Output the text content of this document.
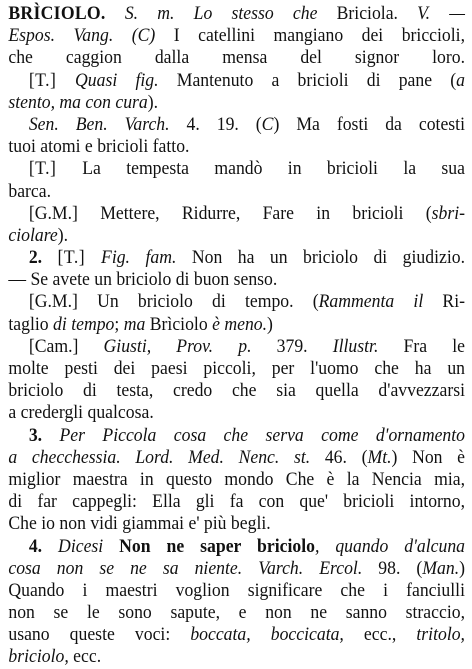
BRÌCIOLO. S. m. Lo stesso che Briciola. V. —
Espos. Vang. (C) I catellini mangiano dei briccioli,
che caggion dalla mensa del signor loro.
[T.] Quasi fig. Mantenuto a bricioli di pane (a
stento, ma con cura).
Sen. Ben. Varch. 4. 19. (C) Ma fosti da cotesti
tuoi atomi e bricioli fatto.
[T.] La tempesta mandò in bricioli la sua
barca.
[G.M.] Mettere, Ridurre, Fare in bricioli (sbri-
ciolare).
2. [T.] Fig. fam. Non ha un briciolo di giudizio.
— Se avete un briciolo di buon senso.
[G.M.] Un briciolo di tempo. (Rammenta il Ri-
taglio di tempo; ma Brìciolo è meno.)
[Cam.] Giusti, Prov. p. 379. Illustr. Fra le
molte pesti dei paesi piccoli, per l'uomo che ha un
briciolo di testa, credo che sia quella d'avvezzarsi
a credergli qualcosa.
3. Per Piccola cosa che serva come d'ornamento
a checchessia. Lord. Med. Nenc. st. 46. (Mt.) Non è
miglior maestra in questo mondo Che è la Nencia mia,
di far cappegli: Ella gli fa con que' bricioli intorno,
Che io non vidi giammai e' più begli.
4. Dicesi Non ne saper briciolo, quando d'alcuna
cosa non se ne sa niente. Varch. Ercol. 98. (Man.)
Quando i maestri voglion significare che i fanciulli
non se le sono sapute, e non ne sanno straccio,
usano queste voci: boccata, boccicata, ecc., tritolo,
briciolo, ecc.
